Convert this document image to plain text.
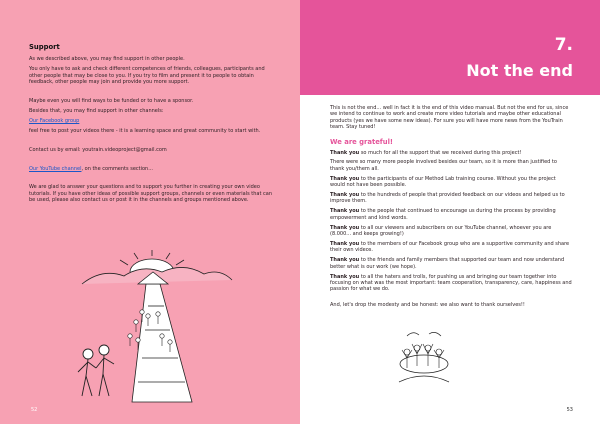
Support

As we described above, you may find support in other people.

You only have to ask and check different competences of friends, colleagues, participants and other people that may be close to you. If you try to film and present it to people to obtain feedback, other people may join and provide you more support.

Maybe even you will find ways to be funded or to have a sponsor.

Besides that, you may find support in other channels:

Our Facebook group

feel free to post your videos there - it is a learning space and great community to start with.

Contact us by email: youtrain.videoproject@gmail.com

Our YouTube channel, on the comments section...

We are glad to answer your questions and to support you further in creating your own video tutorials. If you have other ideas of possible support groups, channels or even materials that can be used, please also contact us or post it in the channels and groups mentioned above.

52
7.
Not the end

This is not the end... well in fact it is the end of this video manual. But not the end for us, since we intend to continue to work and create more video tutorials and maybe other educational products (yes we have some new ideas). For sure you will have more news from the YouTrain team. Stay tuned!

We are grateful!

Thank you so much for all the support that we received during this project!

There were so many more people involved besides our team, so it is more than justified to thank you/them all.

Thank you to the participants of our Method Lab training course. Without you the project would not have been possible.

Thank you to the hundreds of people that provided feedback on our videos and helped us to improve them.

Thank you to the people that continued to encourage us during the process by providing empowerment and kind words.

Thank you to all our viewers and subscribers on our YouTube channel, whoever you are (8.000... and keeps growing!)

Thank you to the members of our Facebook group who are a supportive community and share their own videos.

Thank you to the friends and family members that supported our team and now understand better what is our work (we hope).

Thank you to all the haters and trolls, for pushing us and bringing our team together into focusing on what was the most important: team cooperation, transparency, care, happiness and passion for what we do.

And, let's drop the modesty and be honest: we also want to thank ourselves!!

53
